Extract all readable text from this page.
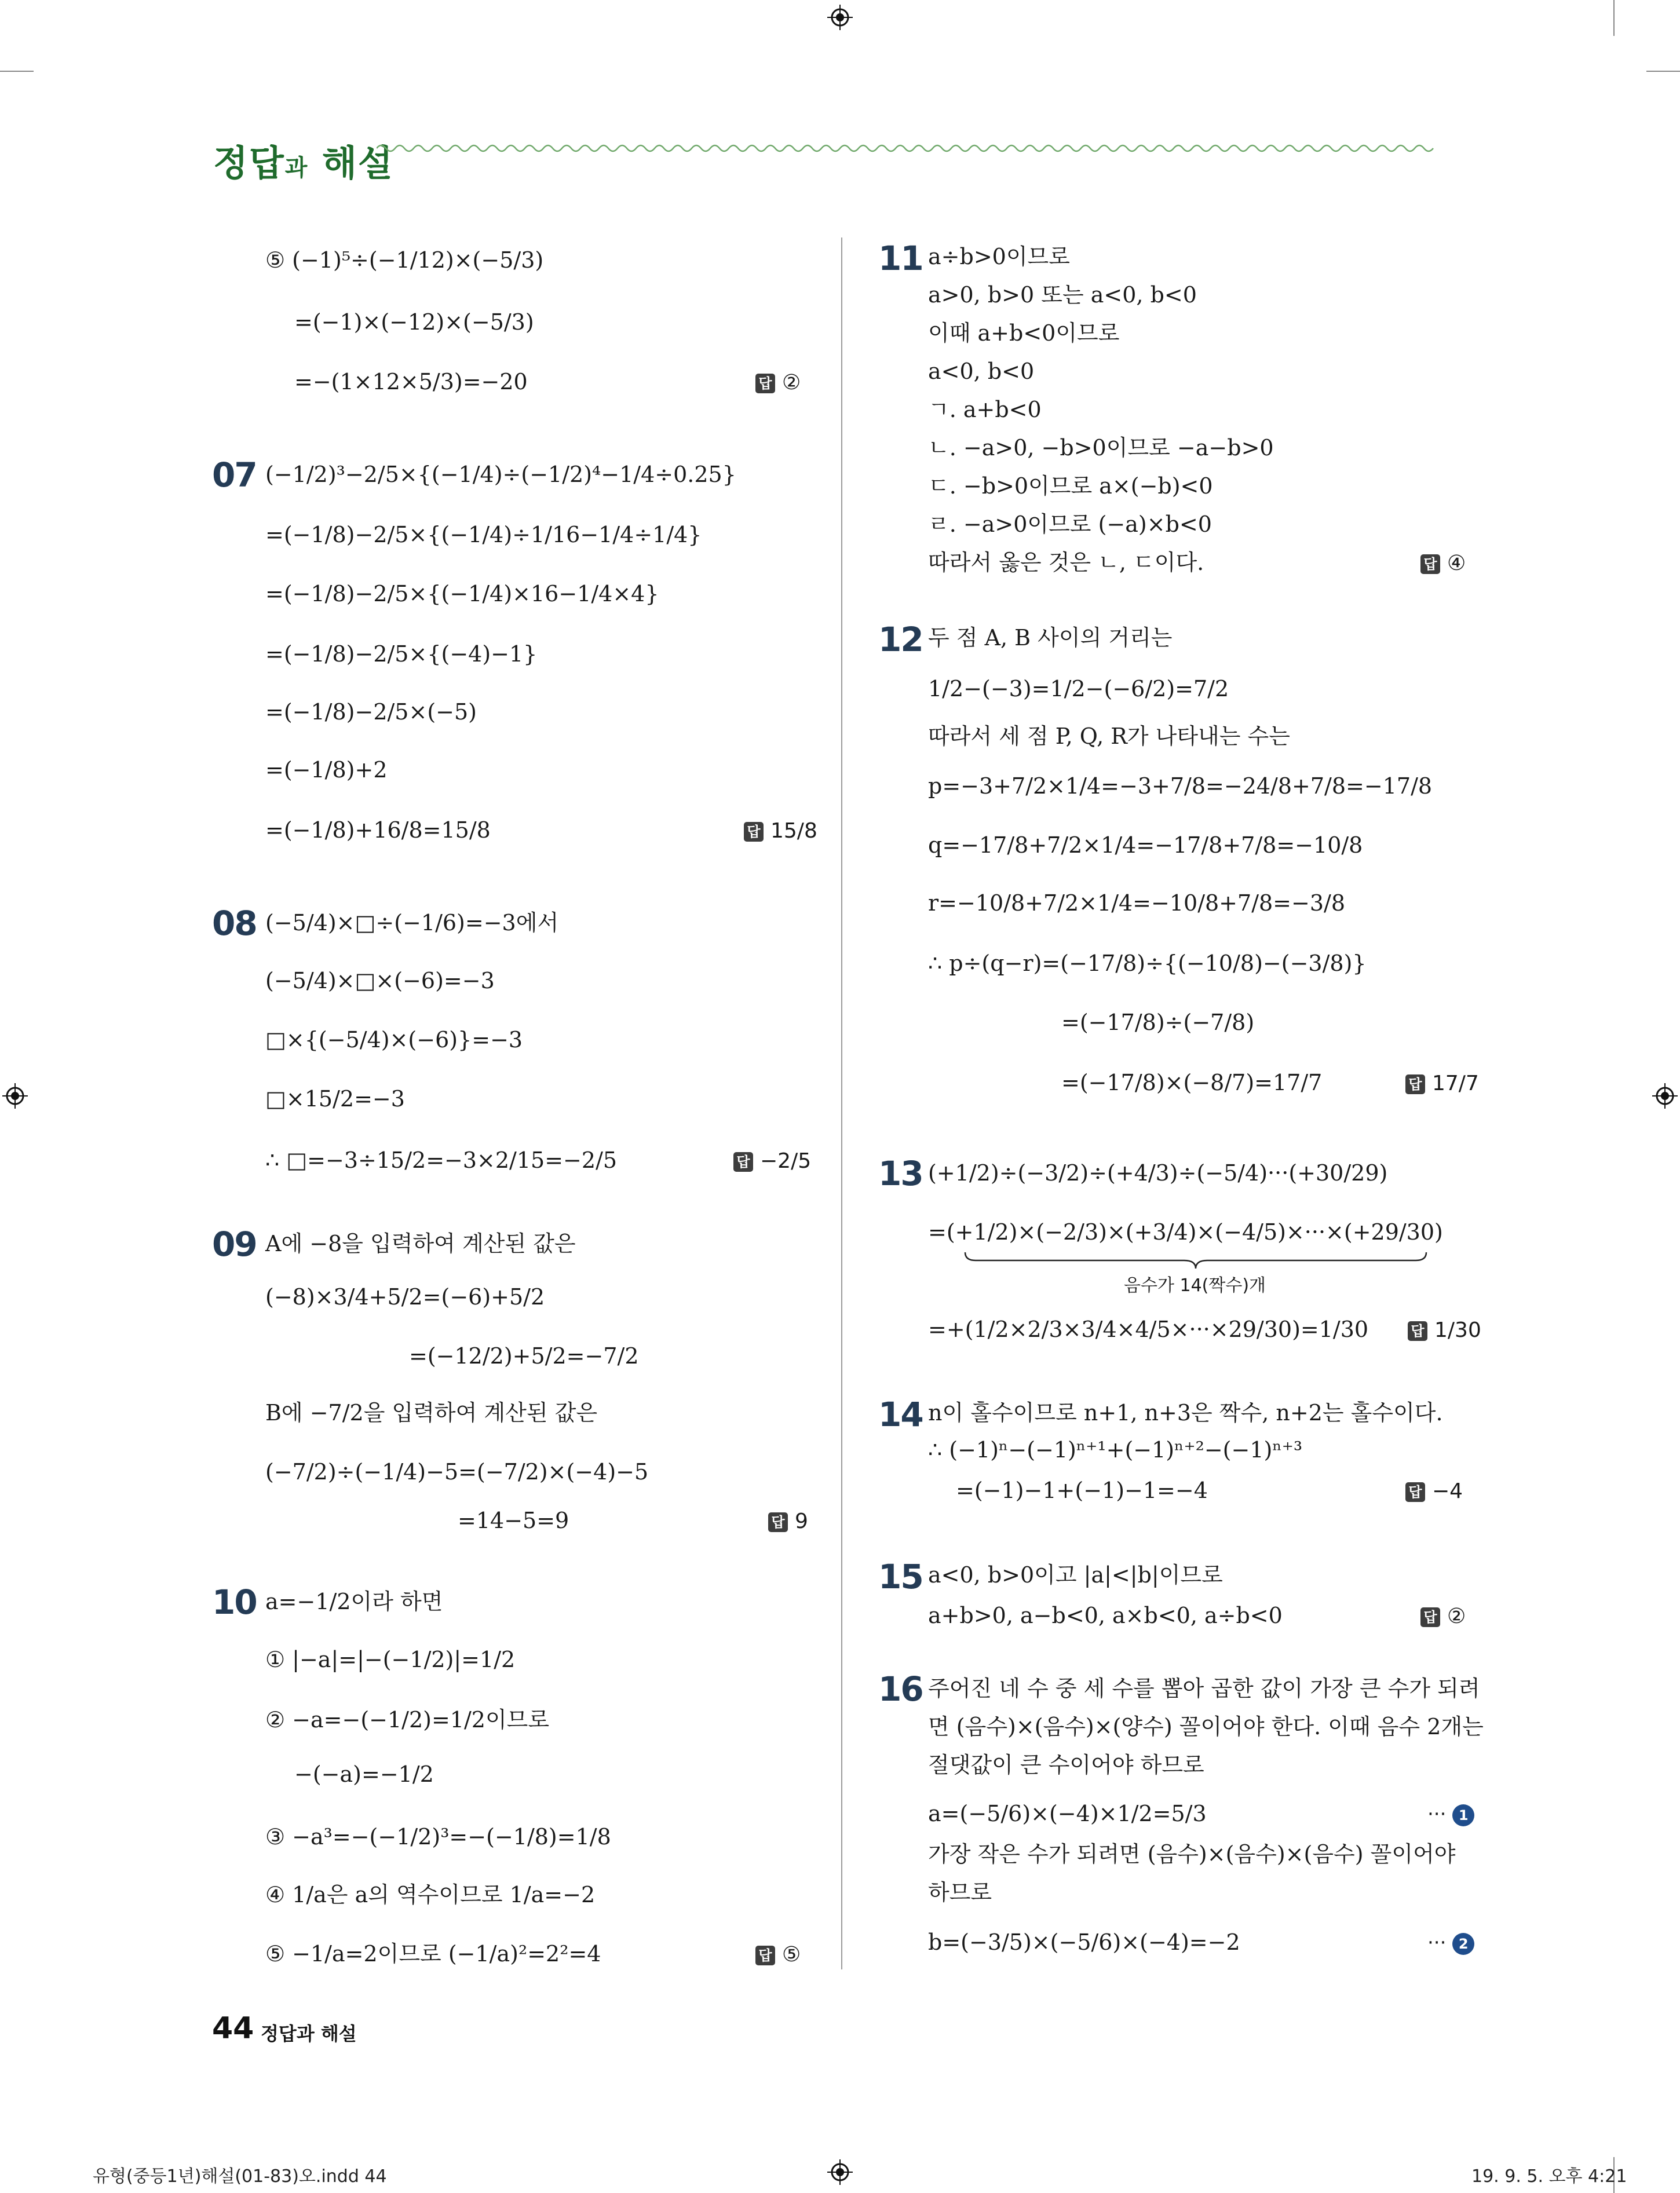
정답과 해설
⑤ (−1)⁵÷(−1/12)×(−5/3)
=(−1)×(−12)×(−5/3)
=−(1×12×5/3)=−20	답 ②
07 (−1/2)³−2/5×{(−1/4)÷(−1/2)⁴−1/4÷0.25}
=(−1/8)−2/5×{(−1/4)÷1/16−1/4÷1/4}
=(−1/8)−2/5×{(−1/4)×16−1/4×4}
=(−1/8)−2/5×{(−4)−1}
=(−1/8)−2/5×(−5)
=(−1/8)+2
=(−1/8)+16/8=15/8	답 15/8
08 (−5/4)×□÷(−1/6)=−3에서
(−5/4)×□×(−6)=−3
□×{(−5/4)×(−6)}=−3
□×15/2=−3
∴ □=−3÷15/2=−3×2/15=−2/5	답 −2/5
09 A에 −8을 입력하여 계산된 값은
(−8)×3/4+5/2=(−6)+5/2
=(−12/2)+5/2=−7/2
B에 −7/2을 입력하여 계산된 값은
(−7/2)÷(−1/4)−5=(−7/2)×(−4)−5
=14−5=9	답 9
10 a=−1/2이라 하면
① |−a|=|−(−1/2)|=1/2
② −a=−(−1/2)=1/2이므로
−(−a)=−1/2
③ −a³=−(−1/2)³=−(−1/8)=1/8
④ 1/a은 a의 역수이므로 1/a=−2
⑤ −1/a=2이므로 (−1/a)²=2²=4	답 ⑤
11 a÷b>0이므로
a>0, b>0 또는 a<0, b<0
이때 a+b<0이므로
a<0, b<0
ㄱ. a+b<0
ㄴ. −a>0, −b>0이므로 −a−b>0
ㄷ. −b>0이므로 a×(−b)<0
ㄹ. −a>0이므로 (−a)×b<0
따라서 옳은 것은 ㄴ, ㄷ이다.	답 ④
12 두 점 A, B 사이의 거리는
1/2−(−3)=1/2−(−6/2)=7/2
따라서 세 점 P, Q, R가 나타내는 수는
p=−3+7/2×1/4=−3+7/8=−24/8+7/8=−17/8
q=−17/8+7/2×1/4=−17/8+7/8=−10/8
r=−10/8+7/2×1/4=−10/8+7/8=−3/8
∴ p÷(q−r)=(−17/8)÷{(−10/8)−(−3/8)}
=(−17/8)÷(−7/8)
=(−17/8)×(−8/7)=17/7	답 17/7
13 (+1/2)÷(−3/2)÷(+4/3)÷(−5/4)···(+30/29)
=(+1/2)×(−2/3)×(+3/4)×(−4/5)×···×(+29/30)
음수가 14(짝수)개
=+(1/2×2/3×3/4×4/5×···×29/30)=1/30	답 1/30
14 n이 홀수이므로 n+1, n+3은 짝수, n+2는 홀수이다.
∴ (−1)ⁿ−(−1)ⁿ⁺¹+(−1)ⁿ⁺²−(−1)ⁿ⁺³
=(−1)−1+(−1)−1=−4	답 −4
15 a<0, b>0이고 |a|<|b|이므로
a+b>0, a−b<0, a×b<0, a÷b<0	답 ②
16 주어진 네 수 중 세 수를 뽑아 곱한 값이 가장 큰 수가 되려
면 (음수)×(음수)×(양수) 꼴이어야 한다. 이때 음수 2개는
절댓값이 큰 수이어야 하므로
a=(−5/6)×(−4)×1/2=5/3	··· 1
가장 작은 수가 되려면 (음수)×(음수)×(음수) 꼴이어야
하므로
b=(−3/5)×(−5/6)×(−4)=−2	··· 2
44 정답과 해설
유형(중등1년)해설(01-83)오.indd 44	19. 9. 5. 오후 4:21
